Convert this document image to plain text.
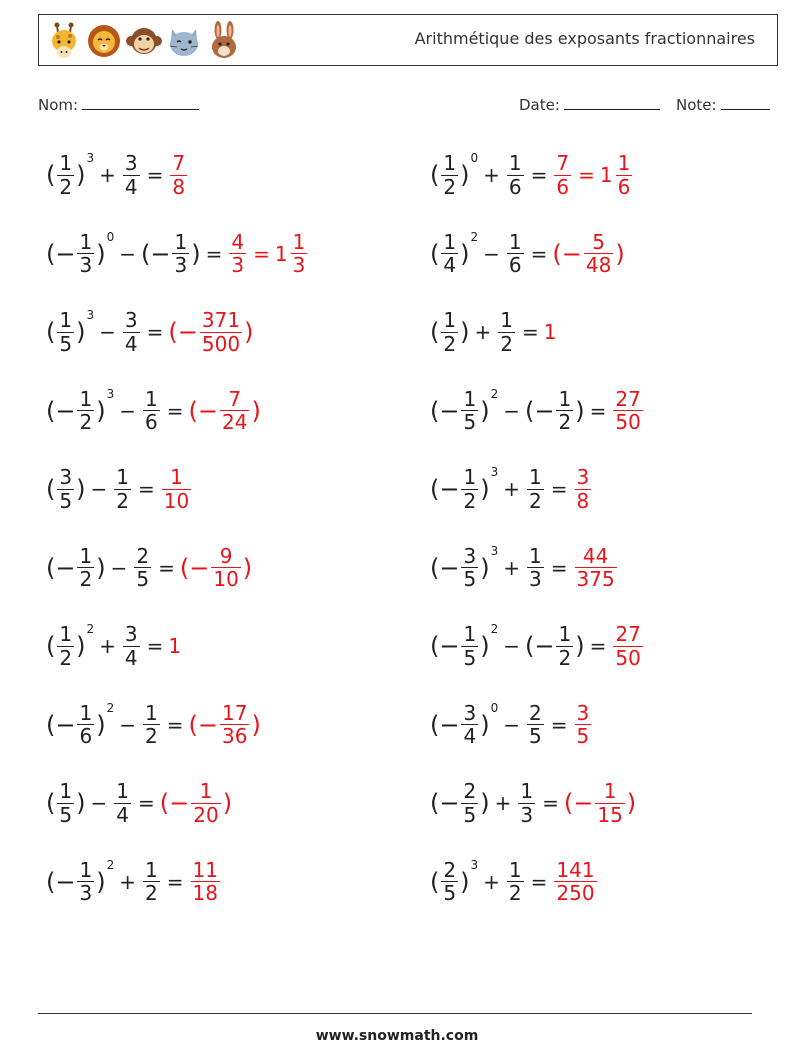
Arithmétique des exposants fractionnaires
Nom:	Date:	Note:
( $\frac{1}{2}$ )
3
+ $\frac{3}{4} = \frac{7}{8}$	( $\frac{1}{2}$ )
0
+ $\frac{1}{6} = \frac{7}{6} = 1 \frac{1}{6}$
(− $\frac{1}{3}$ )
0
− (− $\frac{1}{3}$ ) = $\frac{4}{3} = 1 \frac{1}{3}$	( $\frac{1}{4}$ )
2
− $\frac{1}{6}$ = (− $\frac{5}{48}$ )
( $\frac{1}{5}$ )
3
− $\frac{3}{4}$ = (− $\frac{371}{500}$ )	( $\frac{1}{2}$ ) + $\frac{1}{2} = 1$
(− $\frac{1}{2}$ )
3
− $\frac{1}{6}$ = (− $\frac{7}{24}$ )	(− $\frac{1}{5}$ )
2
− (− $\frac{1}{2}$ ) = $\frac{27}{50}$
( $\frac{3}{5}$ ) − $\frac{1}{2} = \frac{1}{10}$	(− $\frac{1}{2}$ )
3
+ $\frac{1}{2} = \frac{3}{8}$
(− $\frac{1}{2}$ ) − $\frac{2}{5}$ = (− $\frac{9}{10}$ )	(− $\frac{3}{5}$ )
3
+ $\frac{1}{3} = \frac{44}{375}$
( $\frac{1}{2}$ )
2
+ $\frac{3}{4} = 1$	(− $\frac{1}{5}$ )
2
− (− $\frac{1}{2}$ ) = $\frac{27}{50}$
(− $\frac{1}{6}$ )
2
− $\frac{1}{2}$ = (− $\frac{17}{36}$ )	(− $\frac{3}{4}$ )
0
− $\frac{2}{5} = \frac{3}{5}$
( $\frac{1}{5}$ ) − $\frac{1}{4}$ = (− $\frac{1}{20}$ )	(− $\frac{2}{5}$ ) + $\frac{1}{3}$ = (− $\frac{1}{15}$ )
(− $\frac{1}{3}$ )
2
+ $\frac{1}{2} = \frac{11}{18}$	( $\frac{2}{5}$ )
3
+ $\frac{1}{2} = \frac{141}{250}$
www.snowmath.com
